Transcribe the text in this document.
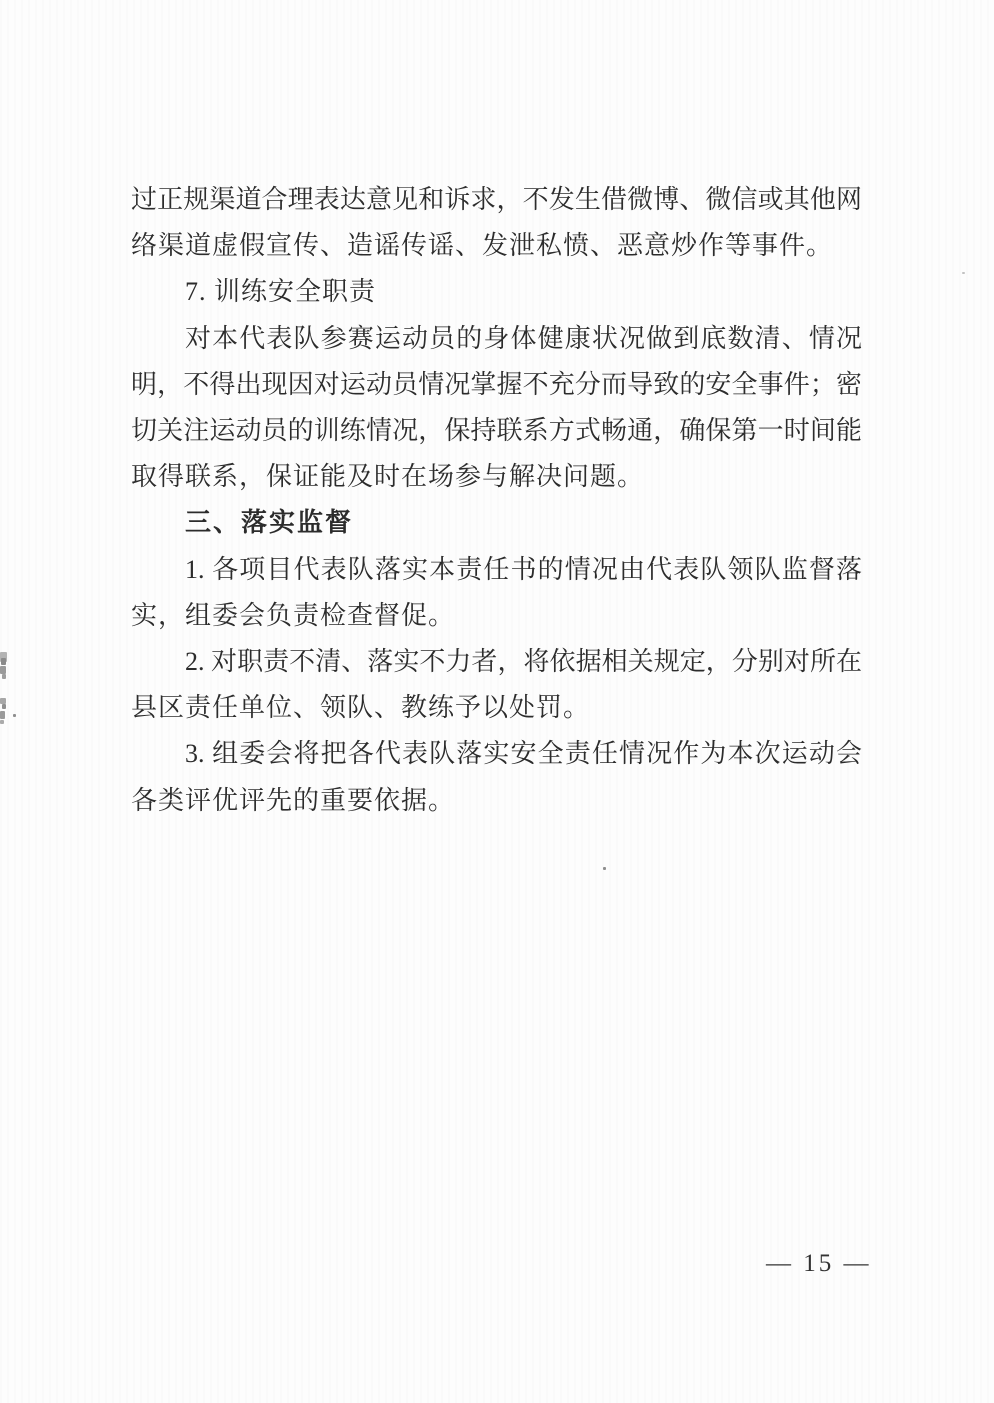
过正规渠道合理表达意见和诉求，不发生借微博、微信或其他网
络渠道虚假宣传、造谣传谣、发泄私愤、恶意炒作等事件。
7. 训练安全职责
对本代表队参赛运动员的身体健康状况做到底数清、情况
明，不得出现因对运动员情况掌握不充分而导致的安全事件；密
切关注运动员的训练情况，保持联系方式畅通，确保第一时间能
取得联系，保证能及时在场参与解决问题。
三、落实监督
1. 各项目代表队落实本责任书的情况由代表队领队监督落
实，组委会负责检查督促。
2. 对职责不清、落实不力者，将依据相关规定，分别对所在
县区责任单位、领队、教练予以处罚。
3. 组委会将把各代表队落实安全责任情况作为本次运动会
各类评优评先的重要依据。
— 15 —
